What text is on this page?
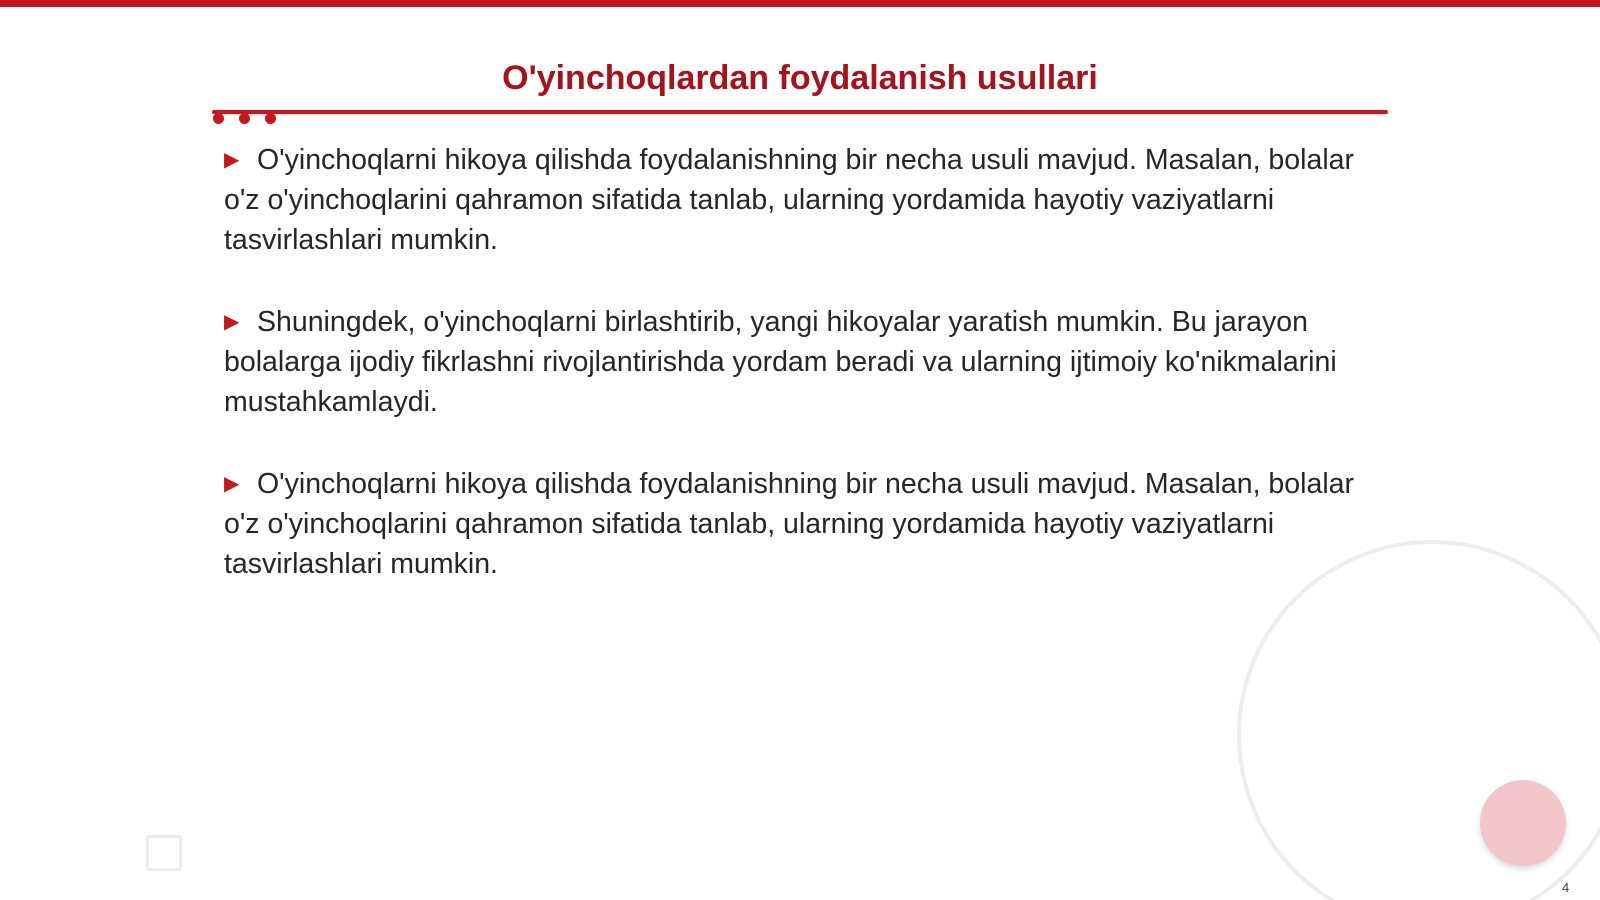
O'yinchoqlardan foydalanish usullari

▶ O'yinchoqlarni hikoya qilishda foydalanishning bir necha usuli mavjud. Masalan, bolalar o'z o'yinchoqlarini qahramon sifatida tanlab, ularning yordamida hayotiy vaziyatlarni tasvirlashlari mumkin.

▶ Shuningdek, o'yinchoqlarni birlashtirib, yangi hikoyalar yaratish mumkin. Bu jarayon bolalarga ijodiy fikrlashni rivojlantirishda yordam beradi va ularning ijtimoiy ko'nikmalarini mustahkamlaydi.

▶ O'yinchoqlarni hikoya qilishda foydalanishning bir necha usuli mavjud. Masalan, bolalar o'z o'yinchoqlarini qahramon sifatida tanlab, ularning yordamida hayotiy vaziyatlarni tasvirlashlari mumkin.

4
